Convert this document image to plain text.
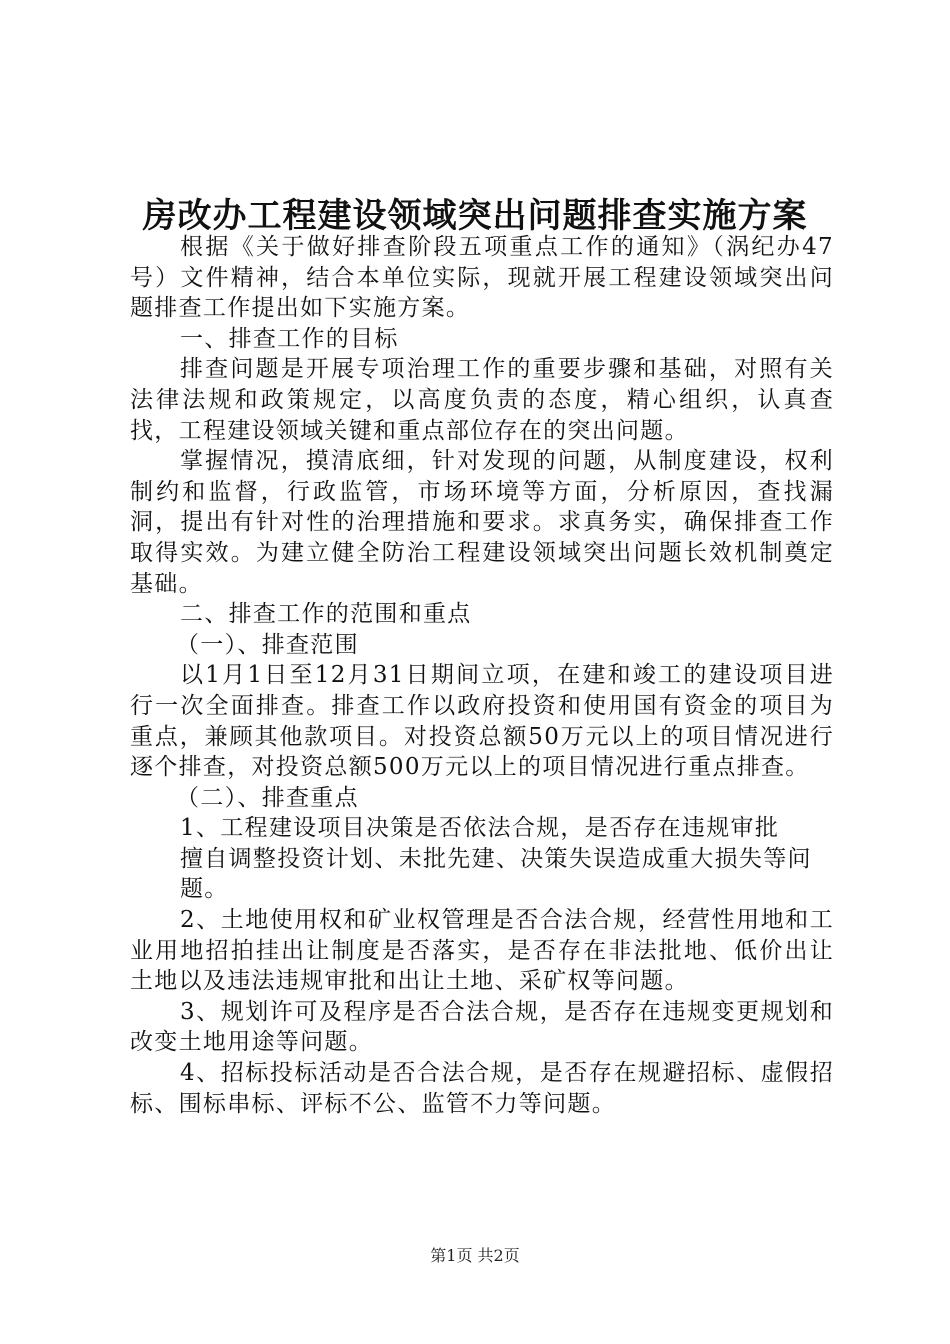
房改办工程建设领域突出问题排查实施方案

根据《关于做好排查阶段五项重点工作的通知》（涡纪办47号）文件精神，结合本单位实际，现就开展工程建设领域突出问题排查工作提出如下实施方案。

一、排查工作的目标

排查问题是开展专项治理工作的重要步骤和基础，对照有关法律法规和政策规定，以高度负责的态度，精心组织，认真查找，工程建设领域关键和重点部位存在的突出问题。

掌握情况，摸清底细，针对发现的问题，从制度建设，权利制约和监督，行政监管，市场环境等方面，分析原因，查找漏洞，提出有针对性的治理措施和要求。求真务实，确保排查工作取得实效。为建立健全防治工程建设领域突出问题长效机制奠定基础。

二、排查工作的范围和重点

（一）、排查范围

以1月1日至12月31日期间立项，在建和竣工的建设项目进行一次全面排查。排查工作以政府投资和使用国有资金的项目为重点，兼顾其他款项目。对投资总额50万元以上的项目情况进行逐个排查，对投资总额500万元以上的项目情况进行重点排查。

（二）、排查重点

1、工程建设项目决策是否依法合规，是否存在违规审批

擅自调整投资计划、未批先建、决策失误造成重大损失等问

题。

2、土地使用权和矿业权管理是否合法合规，经营性用地和工业用地招拍挂出让制度是否落实，是否存在非法批地、低价出让土地以及违法违规审批和出让土地、采矿权等问题。

3、规划许可及程序是否合法合规，是否存在违规变更规划和改变土地用途等问题。

4、招标投标活动是否合法合规，是否存在规避招标、虚假招标、围标串标、评标不公、监管不力等问题。

第1页 共2页
